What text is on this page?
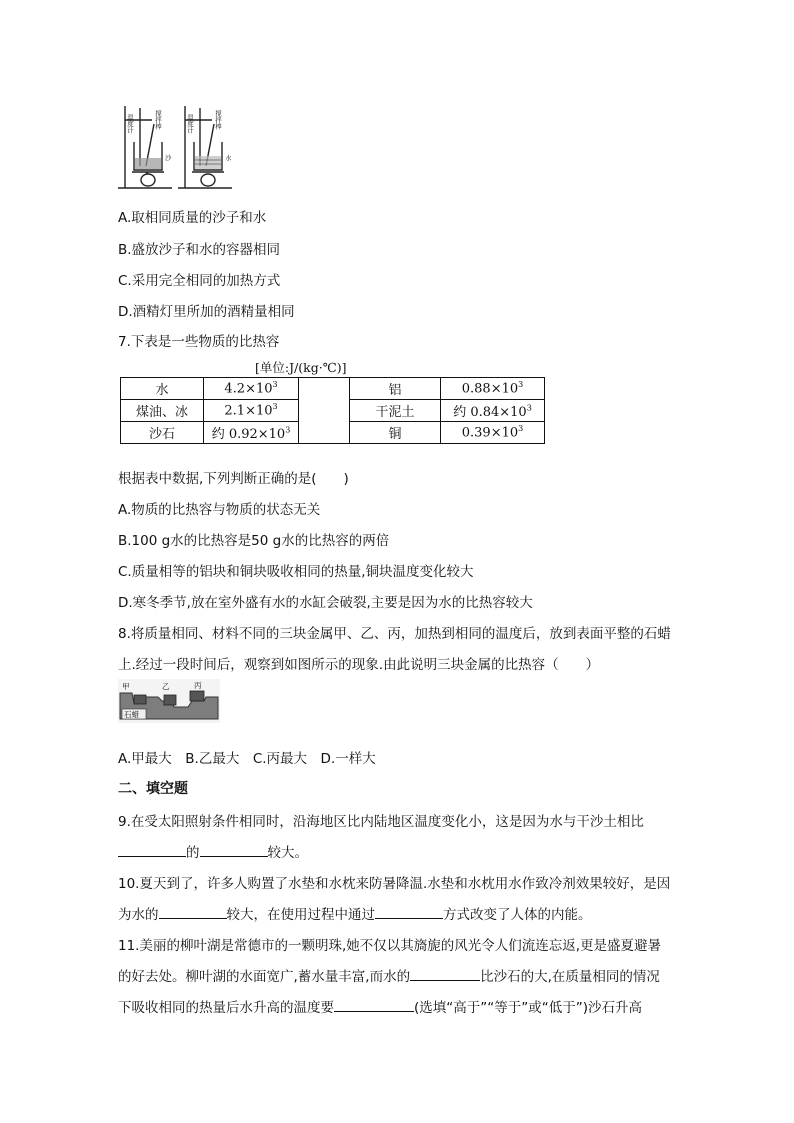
温度计	搅拌棒
沙
温度计	搅拌棒
水
A.取相同质量的沙子和水
B.盛放沙子和水的容器相同
C.采用完全相同的加热方式
D.酒精灯里所加的酒精量相同
7.下表是一些物质的比热容
[单位:J/(kg·℃)]
水	$4.2\times 10^3$		铝	$0.88\times 10^3$
煤油、冰	$2.1\times 10^3$		干泥土	约 $0.84\times 10^3$
沙石	约 $0.92\times 10^3$		铜	$0.39\times 10^3$
根据表中数据,下列判断正确的是(　　)
A.物质的比热容与物质的状态无关
B.100 g水的比热容是50 g水的比热容的两倍
C.质量相等的铝块和铜块吸收相同的热量,铜块温度变化较大
D.寒冬季节,放在室外盛有水的水缸会破裂,主要是因为水的比热容较大
8.将质量相同、材料不同的三块金属甲、乙、丙，加热到相同的温度后，放到表面平整的石蜡
上.经过一段时间后，观察到如图所示的现象.由此说明三块金属的比热容（　　）
甲	乙	丙
石蜡
A.甲最大　B.乙最大　C.丙最大　D.一样大
二、填空题
9.在受太阳照射条件相同时，沿海地区比内陆地区温度变化小，这是因为水与干沙土相比
的	较大。
10.夏天到了，许多人购置了水垫和水枕来防暑降温.水垫和水枕用水作致冷剂效果较好，是因
为水的	较大，在使用过程中通过	方式改变了人体的内能。
11.美丽的柳叶湖是常德市的一颗明珠,她不仅以其旖旎的风光令人们流连忘返,更是盛夏避暑
的好去处。柳叶湖的水面宽广,蓄水量丰富,而水的	比沙石的大,在质量相同的情况
下吸收相同的热量后水升高的温度要	(选填“高于”“等于”或“低于”)沙石升高
